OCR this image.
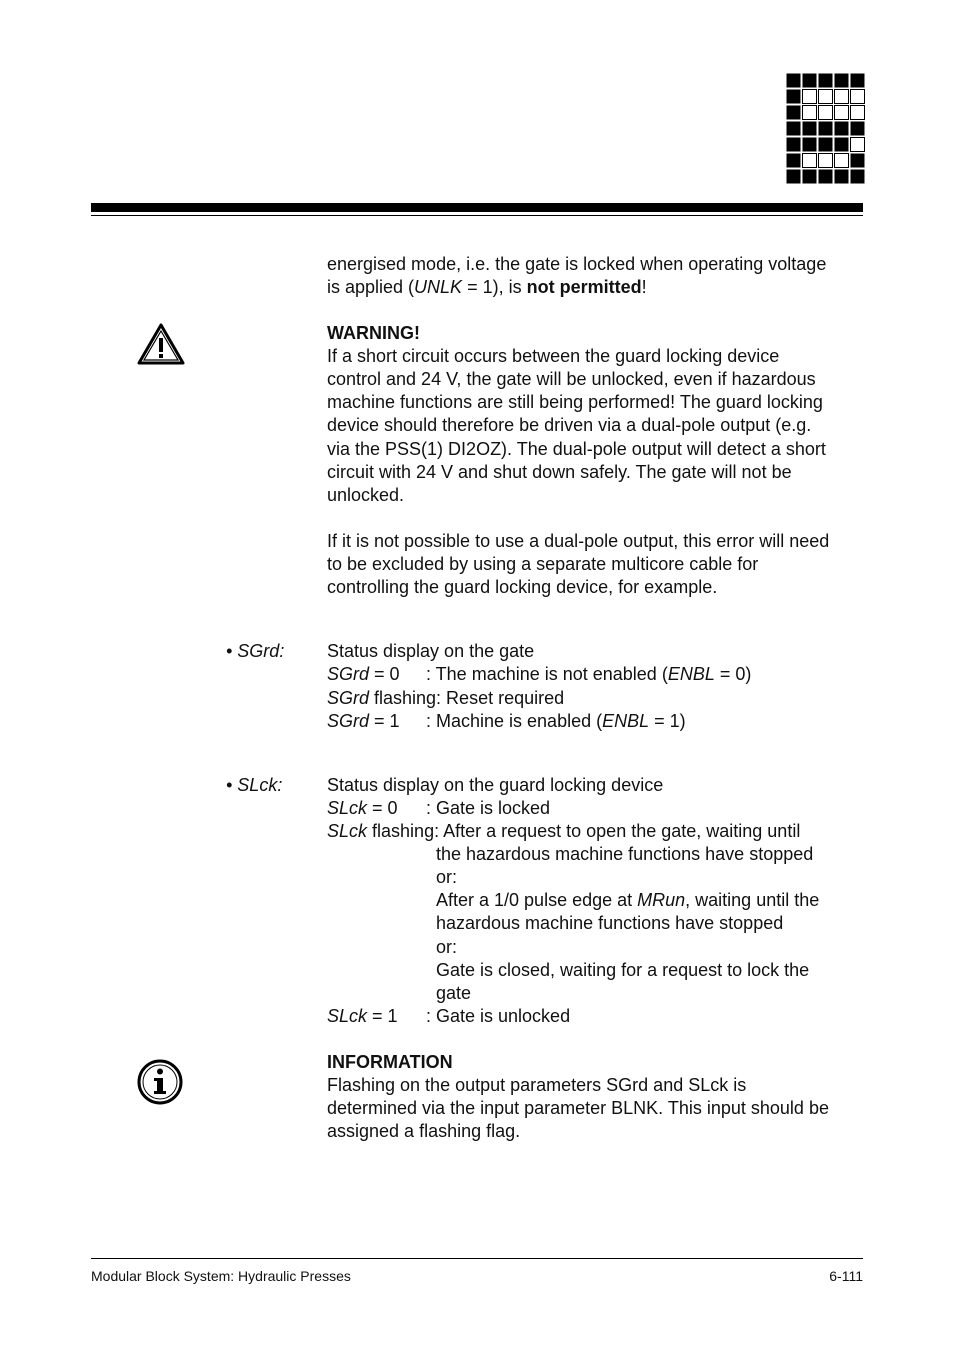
energised mode, i.e. the gate is locked when operating voltage
is applied (UNLK = 1), is not permitted!
WARNING!
If a short circuit occurs between the guard locking device
control and 24 V, the gate will be unlocked, even if hazardous
machine functions are still being performed! The guard locking
device should therefore be driven via a dual-pole output (e.g.
via the PSS(1) DI2OZ). The dual-pole output will detect a short
circuit with 24 V and shut down safely. The gate will not be
unlocked.
If it is not possible to use a dual-pole output, this error will need
to be excluded by using a separate multicore cable for
controlling the guard locking device, for example.
• SGrd: Status display on the gate
SGrd = 0 : The machine is not enabled (ENBL = 0)
SGrd flashing: Reset required
SGrd = 1 : Machine is enabled (ENBL = 1)
• SLck: Status display on the guard locking device
SLck = 0 : Gate is locked
SLck flashing: After a request to open the gate, waiting until
the hazardous machine functions have stopped
or:
After a 1/0 pulse edge at MRun, waiting until the
hazardous machine functions have stopped
or:
Gate is closed, waiting for a request to lock the
gate
SLck = 1 : Gate is unlocked
INFORMATION
Flashing on the output parameters SGrd and SLck is
determined via the input parameter BLNK. This input should be
assigned a flashing flag.
Modular Block System: Hydraulic Presses	6-111
